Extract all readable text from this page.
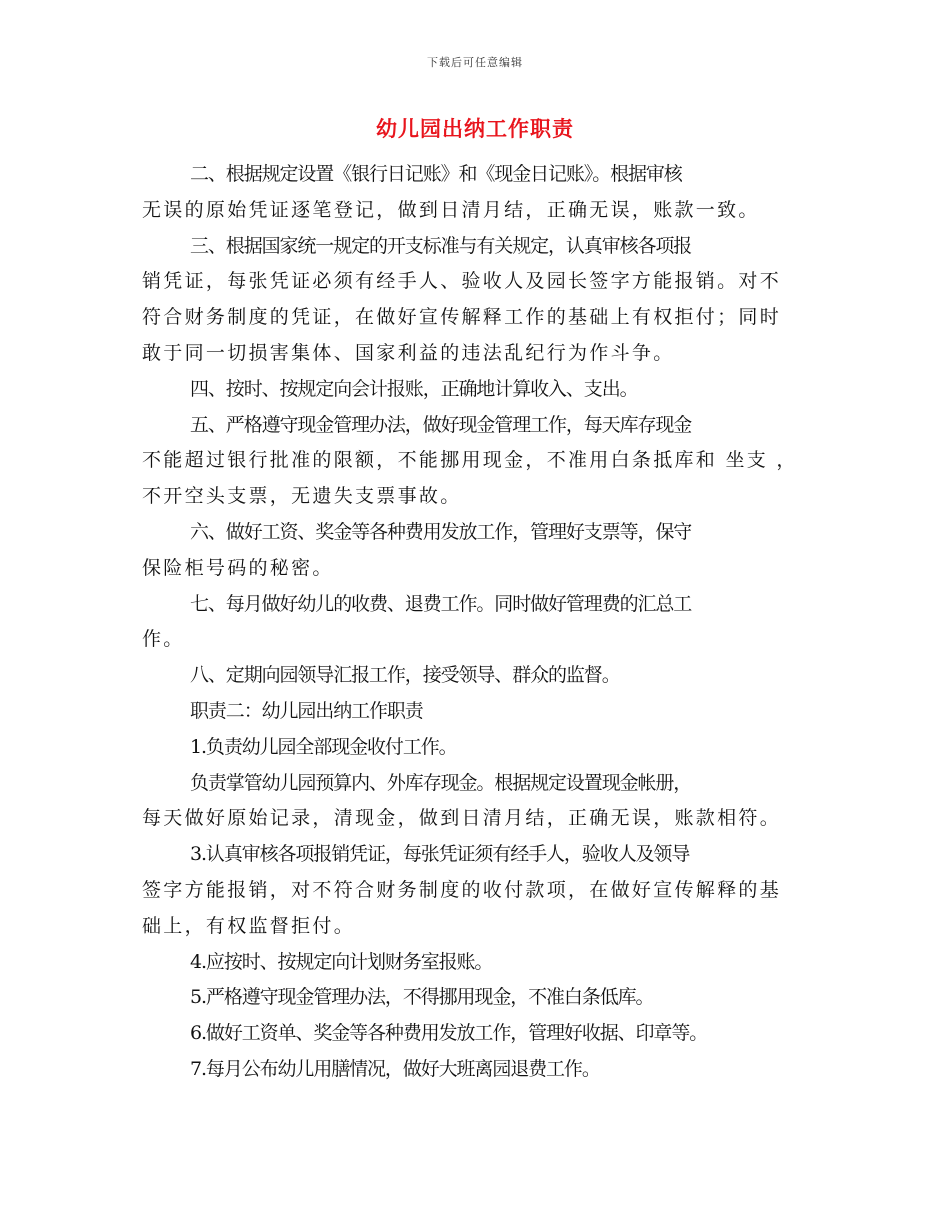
下载后可任意编辑
幼儿园出纳工作职责

二、根据规定设置《银行日记账》和《现金日记账》。根据审核
无误的原始凭证逐笔登记，做到日清月结，正确无误，账款一致。

三、根据国家统一规定的开支标准与有关规定，认真审核各项报
销凭证，每张凭证必须有经手人、验收人及园长签字方能报销。对不
符合财务制度的凭证，在做好宣传解释工作的基础上有权拒付；同时
敢于同一切损害集体、国家利益的违法乱纪行为作斗争。

四、按时、按规定向会计报账，正确地计算收入、支出。

五、严格遵守现金管理办法，做好现金管理工作，每天库存现金
不能超过银行批准的限额，不能挪用现金，不准用白条抵库和 坐支 ，
不开空头支票，无遗失支票事故。

六、做好工资、奖金等各种费用发放工作，管理好支票等，保守
保险柜号码的秘密。

七、每月做好幼儿的收费、退费工作。同时做好管理费的汇总工
作。

八、定期向园领导汇报工作，接受领导、群众的监督。

职责二：幼儿园出纳工作职责

1.负责幼儿园全部现金收付工作。

负责掌管幼儿园预算内、外库存现金。根据规定设置现金帐册，
每天做好原始记录，清现金，做到日清月结，正确无误，账款相符。

3.认真审核各项报销凭证，每张凭证须有经手人，验收人及领导
签字方能报销，对不符合财务制度的收付款项，在做好宣传解释的基
础上，有权监督拒付。

4.应按时、按规定向计划财务室报账。

5.严格遵守现金管理办法，不得挪用现金，不准白条低库。

6.做好工资单、奖金等各种费用发放工作，管理好收据、印章等。

7.每月公布幼儿用膳情况，做好大班离园退费工作。
